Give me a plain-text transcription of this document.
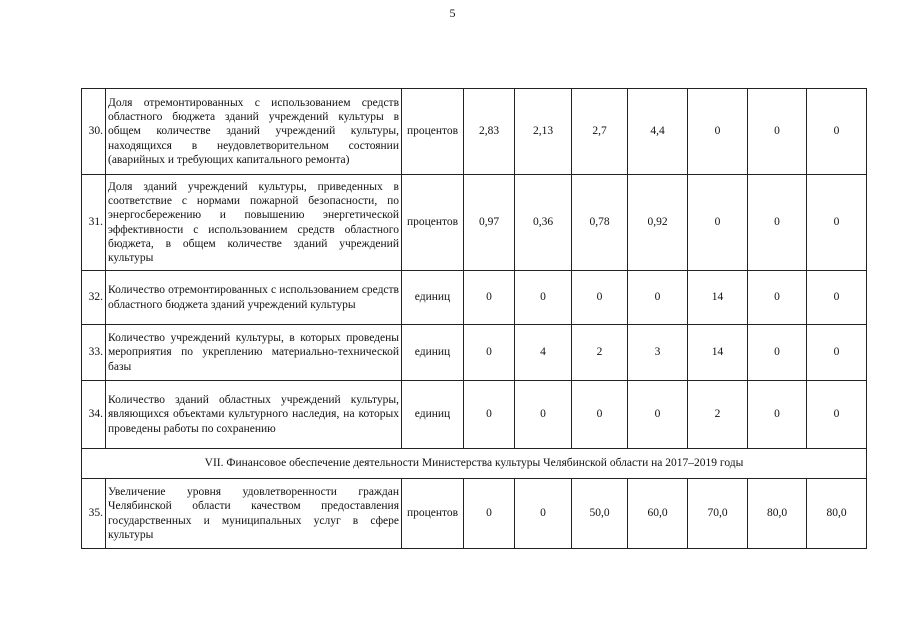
5
30.	Доля отремонтированных с использованием средств областного бюджета зданий учреждений культуры в общем количестве зданий учреждений культуры, находящихся в неудовлетворительном состоянии (аварийных и требующих капитального ремонта)	процентов	2,83	2,13	2,7	4,4	0	0	0
31.	Доля зданий учреждений культуры, приведенных в соответствие с нормами пожарной безопасности, по энергосбережению и повышению энергетической эффективности с использованием средств областного бюджета, в общем количестве зданий учреждений культуры	процентов	0,97	0,36	0,78	0,92	0	0	0
32.	Количество отремонтированных с использованием средств областного бюджета зданий учреждений культуры	единиц	0	0	0	0	14	0	0
33.	Количество учреждений культуры, в которых проведены мероприятия по укреплению материально-технической базы	единиц	0	4	2	3	14	0	0
34.	Количество зданий областных учреждений культуры, являющихся объектами культурного наследия, на которых проведены работы по сохранению	единиц	0	0	0	0	2	0	0
VII. Финансовое обеспечение деятельности Министерства культуры Челябинской области на 2017–2019 годы									
35.	Увеличение уровня удовлетворенности граждан Челябинской области качеством предоставления государственных и муниципальных услуг в сфере культуры	процентов	0	0	50,0	60,0	70,0	80,0	80,0
